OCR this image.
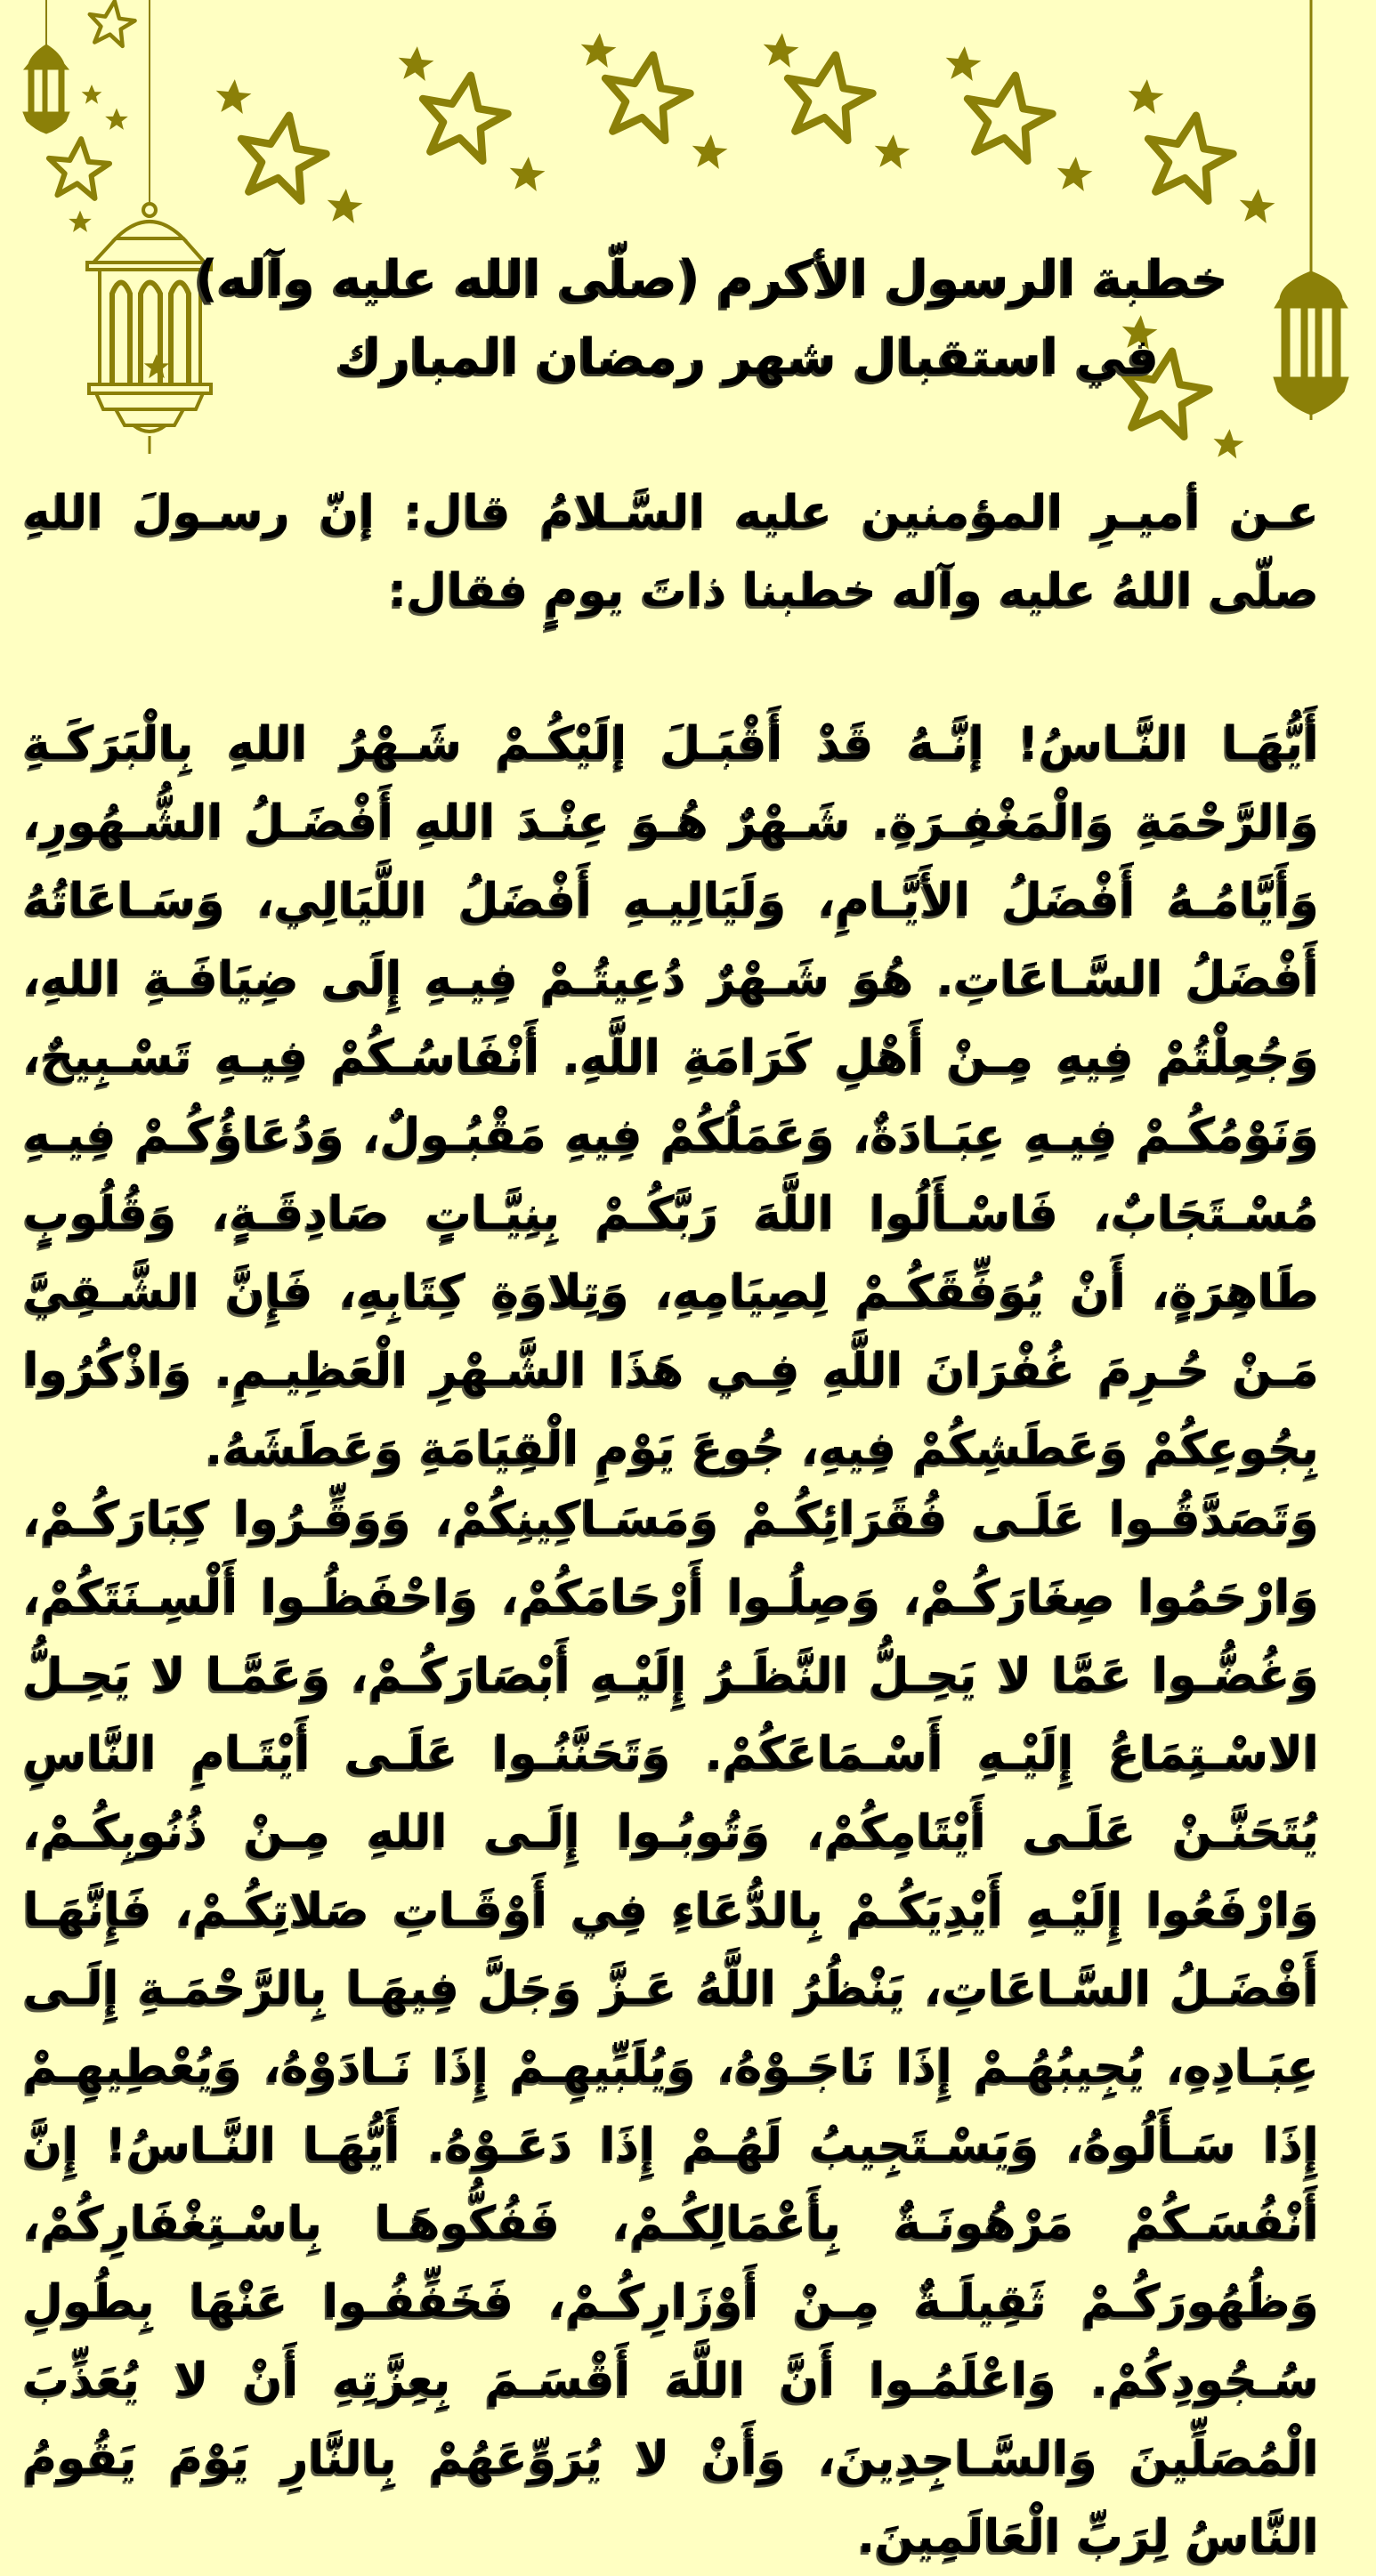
خطبة الرسول الأكرم (صلّى الله عليه وآله)
في استقبال شهر رمضان المبارك
عـن أميـرِ المؤمنين عليه السَّـلامُ قال: إنّ رسـولَ اللهِ صلّى اللهُ عليه وآله خطبنا ذاتَ يومٍ فقال:
أَيُّهَـا النَّـاسُ! إنَّـهُ قَدْ أَقْبَـلَ إلَيْكُـمْ شَـهْرُ اللهِ بِالْبَرَكَـةِ وَالرَّحْمَةِ وَالْمَغْفِـرَةِ. شَـهْرٌ هُـوَ عِنْـدَ اللهِ أَفْضَـلُ الشُّـهُورِ، وَأَيَّامُـهُ أَفْضَلُ الأَيَّـامِ، وَلَيَالِيـهِ أَفْضَلُ اللَّيَالِي، وَسَـاعَاتُهُ أَفْضَلُ السَّـاعَاتِ. هُوَ شَـهْرٌ دُعِيتُـمْ فِيـهِ إِلَى ضِيَافَـةِ اللهِ، وَجُعِلْتُمْ فِيهِ مِـنْ أَهْلِ كَرَامَةِ اللَّهِ. أَنْفَاسُـكُمْ فِيـهِ تَسْـبِيحٌ، وَنَوْمُكُـمْ فِيـهِ عِبَـادَةٌ، وَعَمَلُكُمْ فِيهِ مَقْبُـولٌ، وَدُعَاؤُكُـمْ فِيـهِ مُسْـتَجَابٌ، فَاسْـأَلُوا اللَّهَ رَبَّكُـمْ بِنِيَّـاتٍ صَادِقَـةٍ، وَقُلُوبٍ طَاهِرَةٍ، أَنْ يُوَفِّقَكُـمْ لِصِيَامِهِ، وَتِلاوَةِ كِتَابِهِ، فَإِنَّ الشَّـقِيَّ مَـنْ حُـرِمَ غُفْرَانَ اللَّهِ فِـي هَذَا الشَّـهْرِ الْعَظِيـمِ. وَاذْكُرُوا بِجُوعِكُمْ وَعَطَشِكُمْ فِيهِ، جُوعَ يَوْمِ الْقِيَامَةِ وَعَطَشَهُ.
وَتَصَدَّقُـوا عَلَـى فُقَرَائِكُـمْ وَمَسَـاكِينِكُمْ، وَوَقِّـرُوا كِبَارَكُـمْ، وَارْحَمُوا صِغَارَكُـمْ، وَصِلُـوا أَرْحَامَكُمْ، وَاحْفَظُـوا أَلْسِـنَتَكُمْ، وَغُضُّـوا عَمَّا لا يَحِـلُّ النَّظَـرُ إِلَيْـهِ أَبْصَارَكُـمْ، وَعَمَّـا لا يَحِـلُّ الاسْـتِمَاعُ إِلَيْـهِ أَسْـمَاعَكُمْ. وَتَحَنَّنُـوا عَلَـى أَيْتَـامِ النَّاسِ يُتَحَنَّـنْ عَلَـى أَيْتَامِكُمْ، وَتُوبُـوا إِلَـى اللهِ مِـنْ ذُنُوبِكُـمْ، وَارْفَعُوا إِلَيْـهِ أَيْدِيَكُـمْ بِالدُّعَاءِ فِي أَوْقَـاتِ صَلاتِكُـمْ، فَإِنَّهَـا أَفْضَـلُ السَّـاعَاتِ، يَنْظُرُ اللَّهُ عَـزَّ وَجَلَّ فِيهَـا بِالرَّحْمَـةِ إِلَـى عِبَـادِهِ، يُجِيبُهُـمْ إِذَا نَاجَـوْهُ، وَيُلَبِّيهِـمْ إِذَا نَـادَوْهُ، وَيُعْطِيهِـمْ إِذَا سَـأَلُوهُ، وَيَسْـتَجِيبُ لَهُـمْ إِذَا دَعَـوْهُ. أَيُّهَـا النَّـاسُ! إِنَّ أَنْفُسَـكُمْ مَرْهُونَـةٌ بِأَعْمَالِكُـمْ، فَفُكُّوهَـا بِاسْـتِغْفَارِكُمْ، وَظُهُورَكُـمْ ثَقِيلَـةٌ مِـنْ أَوْزَارِكُـمْ، فَخَفِّفُـوا عَنْهَا بِطُولِ سُـجُودِكُمْ. وَاعْلَمُـوا أَنَّ اللَّهَ أَقْسَـمَ بِعِزَّتِهِ أَنْ لا يُعَذِّبَ الْمُصَلِّينَ وَالسَّـاجِدِينَ، وَأَنْ لا يُرَوِّعَهُمْ بِالنَّارِ يَوْمَ يَقُومُ النَّاسُ لِرَبِّ الْعَالَمِينَ.
